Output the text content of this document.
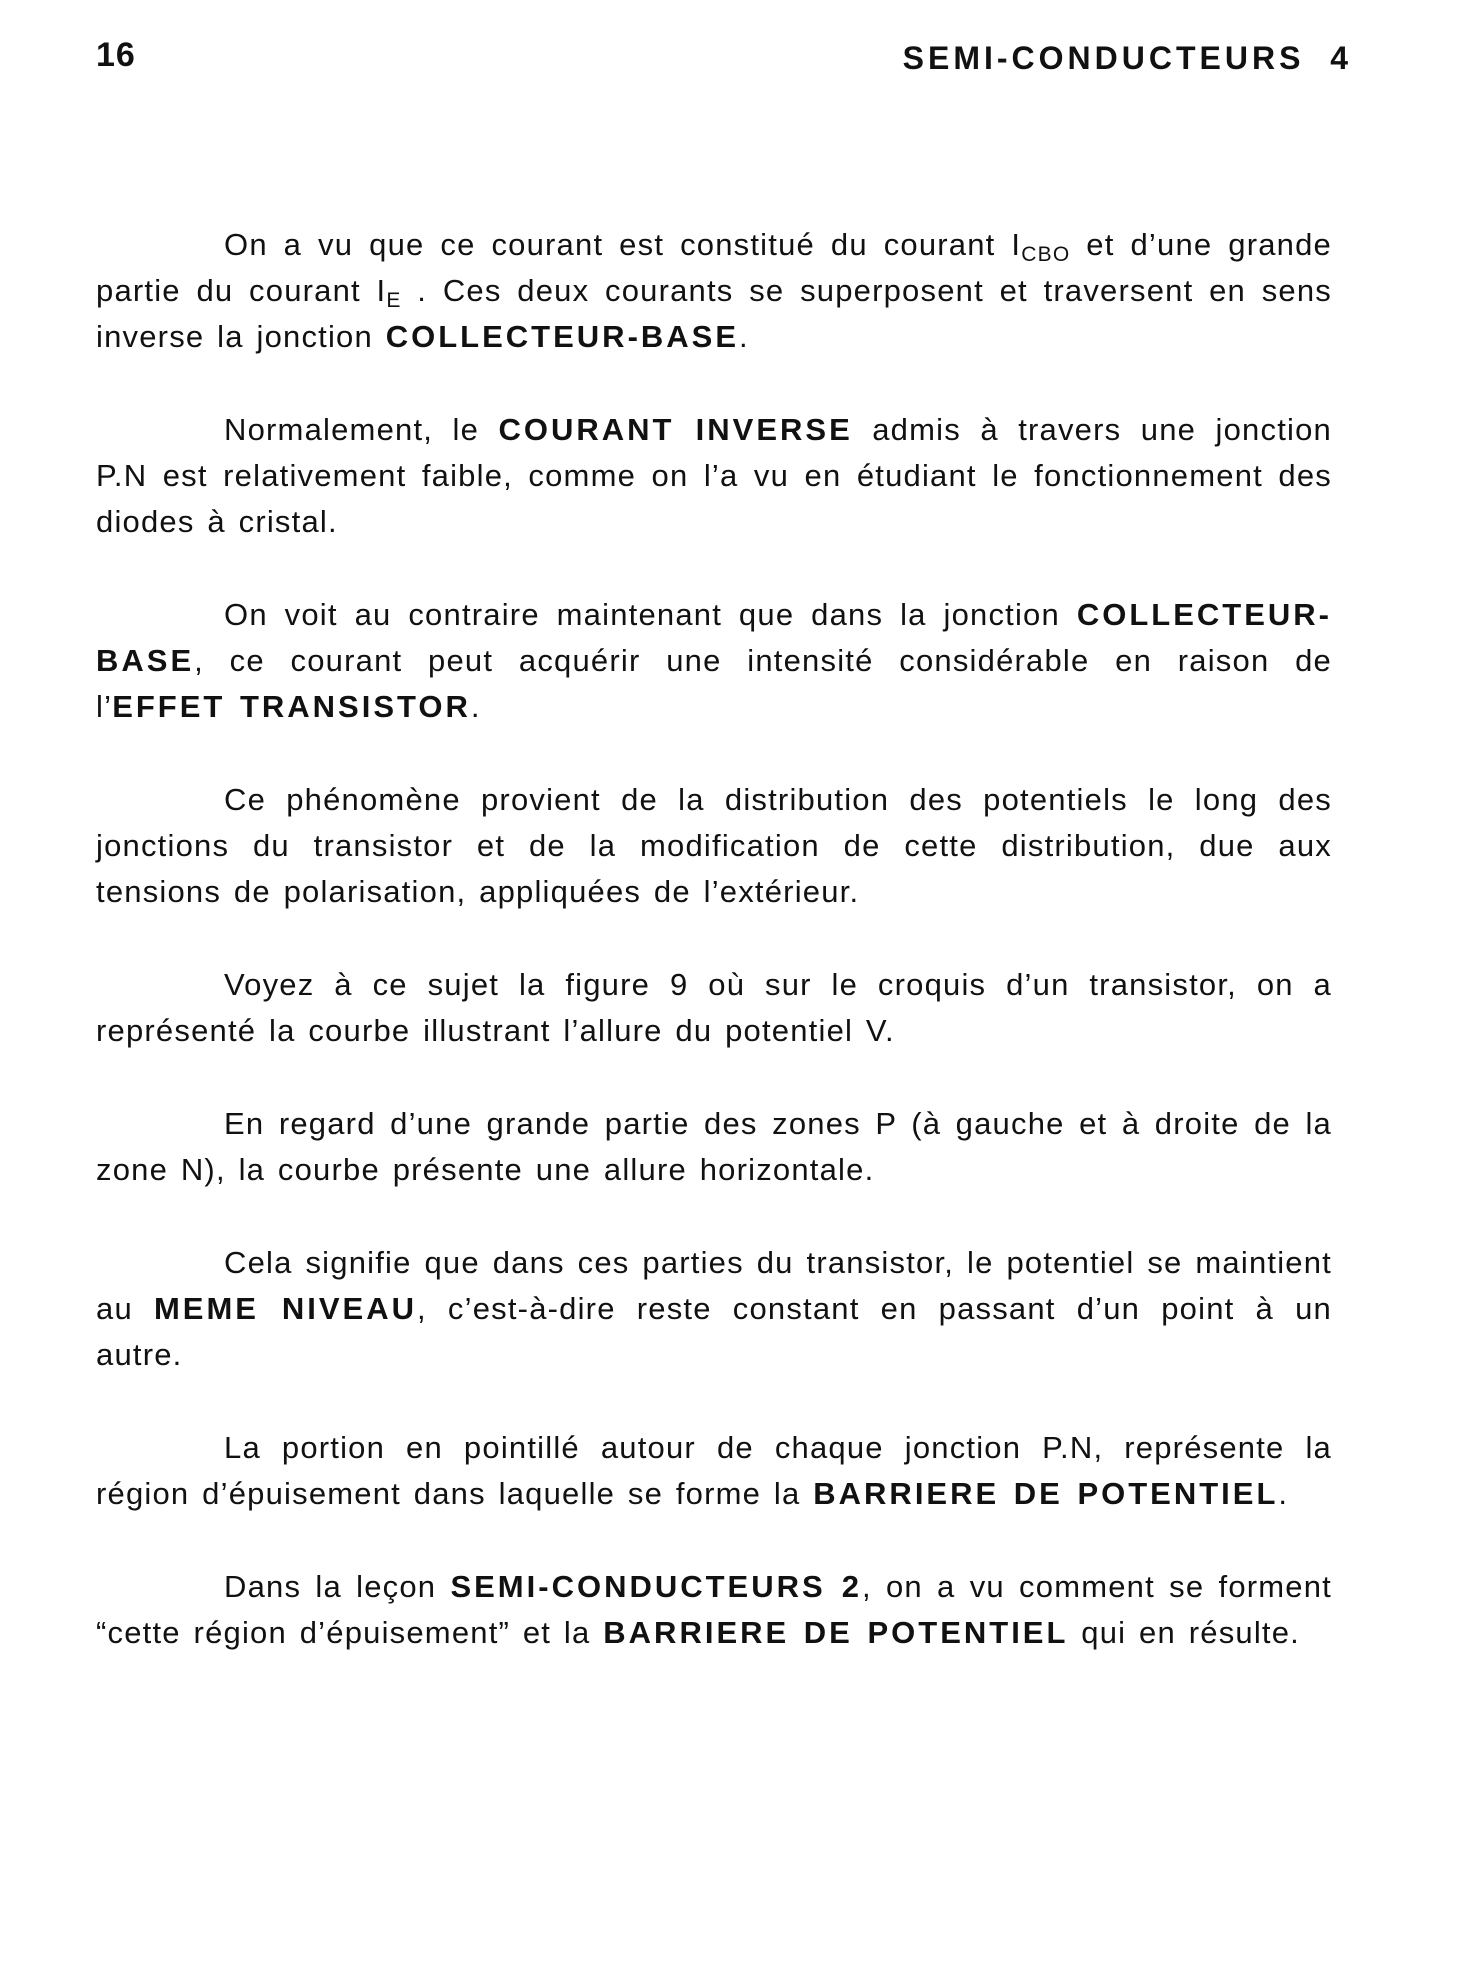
16	SEMI-CONDUCTEURS  4

On a vu que ce courant est constitué du courant $I_{CBO}$ et d’une grande partie du courant $I_E$ . Ces deux courants se superposent et traversent en sens inverse la jonction COLLECTEUR-BASE.

Normalement, le COURANT INVERSE admis à travers une jonction P.N est relativement faible, comme on l’a vu en étudiant le fonctionnement des diodes à cristal.

On voit au contraire maintenant que dans la jonction COLLECTEUR-BASE, ce courant peut acquérir une intensité considérable en raison de l’EFFET TRANSISTOR.

Ce phénomène provient de la distribution des potentiels le long des jonctions du transistor et de la modification de cette distribution, due aux tensions de polarisation, appliquées de l’extérieur.

Voyez à ce sujet la figure 9 où sur le croquis d’un transistor, on a représenté la courbe illustrant l’allure du potentiel V.

En regard d’une grande partie des zones P (à gauche et à droite de la zone N), la courbe présente une allure horizontale.

Cela signifie que dans ces parties du transistor, le potentiel se maintient au MEME NIVEAU, c’est-à-dire reste constant en passant d’un point à un autre.

La portion en pointillé autour de chaque jonction P.N, représente la région d’épuisement dans laquelle se forme la BARRIERE DE POTENTIEL.

Dans la leçon SEMI-CONDUCTEURS 2, on a vu comment se forment “cette région d’épuisement” et la BARRIERE DE POTENTIEL qui en résulte.
